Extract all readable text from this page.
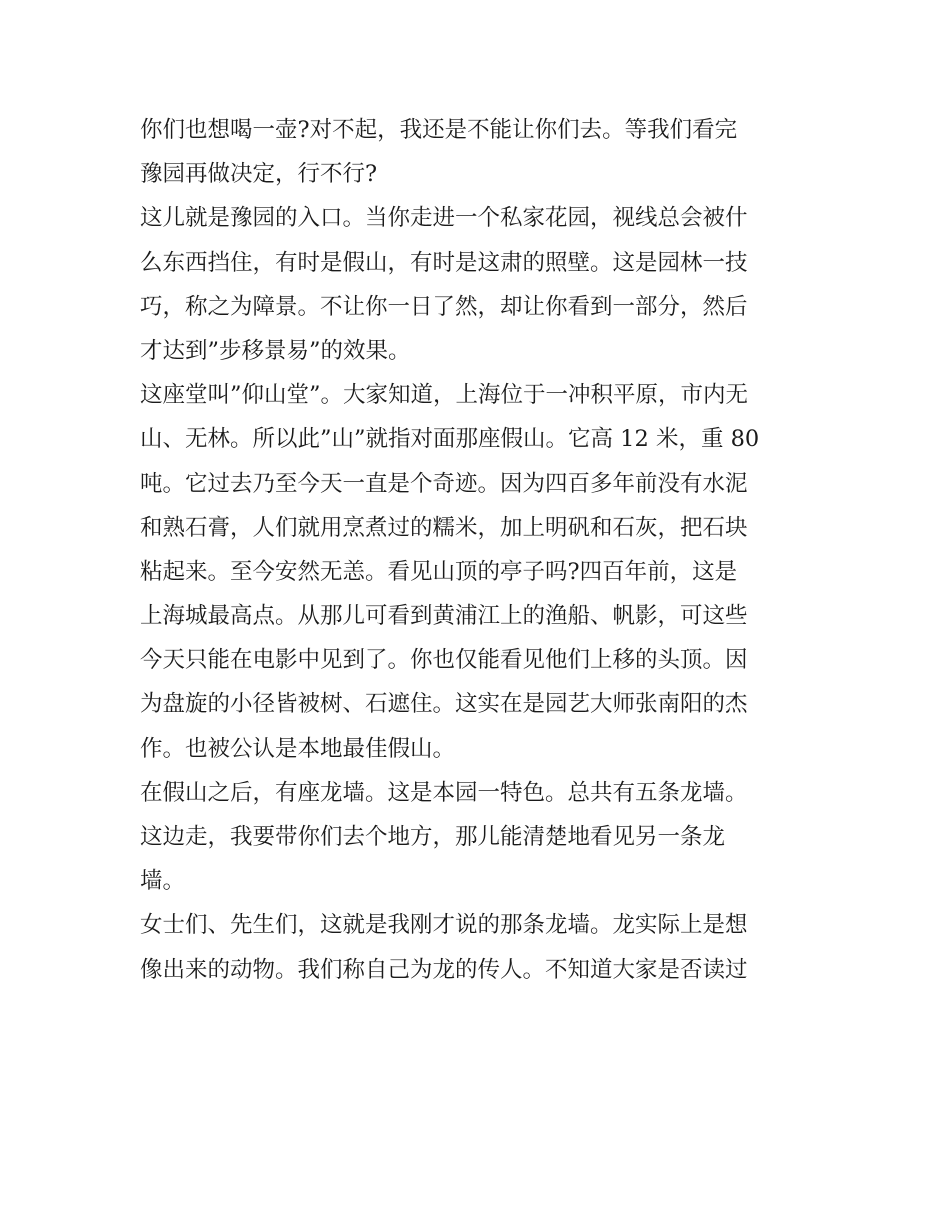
你们也想喝一壶?对不起，我还是不能让你们去。等我们看完
豫园再做决定，行不行?

这儿就是豫园的入口。当你走进一个私家花园，视线总会被什
么东西挡住，有时是假山，有时是这肃的照壁。这是园林一技
巧，称之为障景。不让你一日了然，却让你看到一部分，然后
才达到”步移景易”的效果。

这座堂叫”仰山堂”。大家知道，上海位于一冲积平原，市内无
山、无林。所以此”山”就指对面那座假山。它高 12 米，重 80
吨。它过去乃至今天一直是个奇迹。因为四百多年前没有水泥
和熟石膏，人们就用烹煮过的糯米，加上明矾和石灰，把石块
粘起来。至今安然无恙。看见山顶的亭子吗?四百年前，这是
上海城最高点。从那儿可看到黄浦江上的渔船、帆影，可这些
今天只能在电影中见到了。你也仅能看见他们上移的头顶。因
为盘旋的小径皆被树、石遮住。这实在是园艺大师张南阳的杰
作。也被公认是本地最佳假山。

在假山之后，有座龙墙。这是本园一特色。总共有五条龙墙。
这边走，我要带你们去个地方，那儿能清楚地看见另一条龙
墙。

女士们、先生们，这就是我刚才说的那条龙墙。龙实际上是想
像出来的动物。我们称自己为龙的传人。不知道大家是否读过
